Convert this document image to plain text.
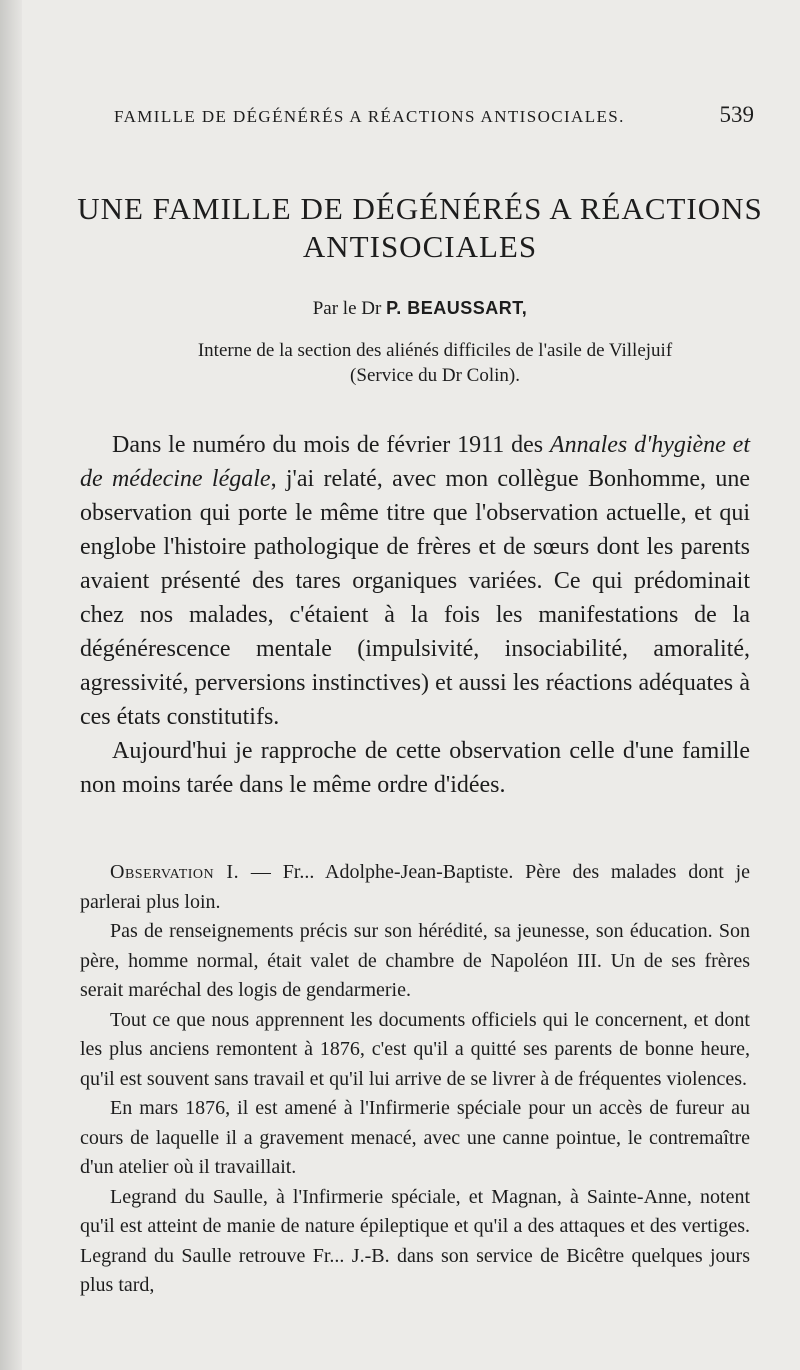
FAMILLE DE DÉGÉNÉRÉS A RÉACTIONS ANTISOCIALES.	539
UNE FAMILLE DE DÉGÉNÉRÉS A RÉACTIONS
ANTISOCIALES
Par le Dr P. BEAUSSART,
Interne de la section des aliénés difficiles de l'asile de Villejuif
(Service du Dr Colin).

Dans le numéro du mois de février 1911 des Annales d'hygiène et de médecine légale, j'ai relaté, avec mon collègue Bonhomme, une observation qui porte le même titre que l'observation actuelle, et qui englobe l'histoire pathologique de frères et de sœurs dont les parents avaient présenté des tares organiques variées. Ce qui prédominait chez nos malades, c'étaient à la fois les manifestations de la dégénérescence mentale (impulsivité, insociabilité, amoralité, agressivité, perversions instinctives) et aussi les réactions adéquates à ces états constitutifs.

Aujourd'hui je rapproche de cette observation celle d'une famille non moins tarée dans le même ordre d'idées.

Observation I. — Fr... Adolphe-Jean-Baptiste. Père des malades dont je parlerai plus loin.

Pas de renseignements précis sur son hérédité, sa jeunesse, son éducation. Son père, homme normal, était valet de chambre de Napoléon III. Un de ses frères serait maréchal des logis de gendarmerie.

Tout ce que nous apprennent les documents officiels qui le concernent, et dont les plus anciens remontent à 1876, c'est qu'il a quitté ses parents de bonne heure, qu'il est souvent sans travail et qu'il lui arrive de se livrer à de fréquentes violences.

En mars 1876, il est amené à l'Infirmerie spéciale pour un accès de fureur au cours de laquelle il a gravement menacé, avec une canne pointue, le contremaître d'un atelier où il travaillait.

Legrand du Saulle, à l'Infirmerie spéciale, et Magnan, à Sainte-Anne, notent qu'il est atteint de manie de nature épileptique et qu'il a des attaques et des vertiges. Legrand du Saulle retrouve Fr... J.-B. dans son service de Bicêtre quelques jours plus tard,
